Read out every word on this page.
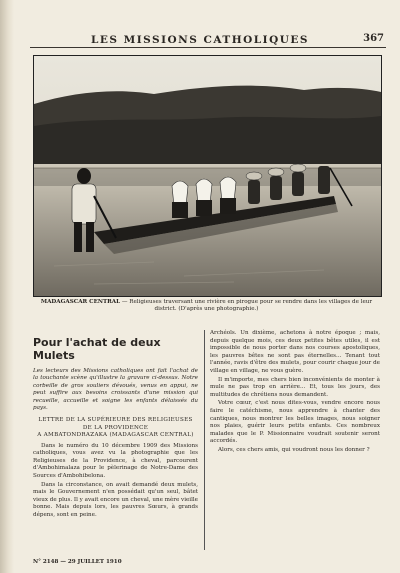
LES MISSIONS CATHOLIQUES	367
MADAGASCAR CENTRAL — Religieuses traversant une rivière en pirogue pour se rendre dans les villages de leur district. (D'après une photographie.)
Pour l'achat de deux Mulets
Les lecteurs des Missions catholiques ont fait l'achat de la touchante scène qu'illustre la gravure ci-dessus. Notre corbeille de gros souliers dévoués, venus en appui, ne peut suffire aux besoins croissants d'une mission qui recueille, accueille et soigne les enfants délaissés du pays.
LETTRE DE LA SUPÉRIEURE DES RELIGIEUSES
DE LA PROVIDENCE
A AMBATONDRAZAKA (MADAGASCAR CENTRAL)

Dans le numéro du 10 décembre 1909 des Missions catholiques, vous avez vu la photographie que les Religieuses de la Providence, à cheval, parcourent d'Ambohimalaza pour le pèlerinage de Notre-Dame des Sources d'Ambohibelona.

Dans la circonstance, on avait demandé deux mulets, mais le Gouvernement n'en possédait qu'un seul, bâtet vieux de plus. Il y avait encore un cheval, une mère vieille bonne. Mais depuis lors, les pauvres Sœurs, à grands dépens, sont en peine.

Archéols. Un dixième, achetons à notre époque ; mais, depuis quelque mois, ces deux petites bêtes utiles, il est impossible de nous porter dans nos courses apostoliques, les pauvres bêtes ne sont pas éternelles... Tenant tout l'année, ravis d'être des mulets, pour courir chaque jour de village en village, ne vous guère.

Il m'importe, mes chers bien inconvénients de monter à mule ne pas trop en arrière... Et, tous les jours, des multitudes de chrétiens nous demandent.

Votre cœur, c'est nous dites-vous, vendre encore nous faire le catéchisme, nous apprendre à chanter des cantiques, nous montrer les belles images, nous soigner nos plaies, guérir leurs petits enfants. Ces nombreux malades que le P. Missionnaire voudrait soutenir seront accordés.

Alors, ces chers amis, qui voudront nous les donner ?

N° 2148 — 29 JUILLET 1910
